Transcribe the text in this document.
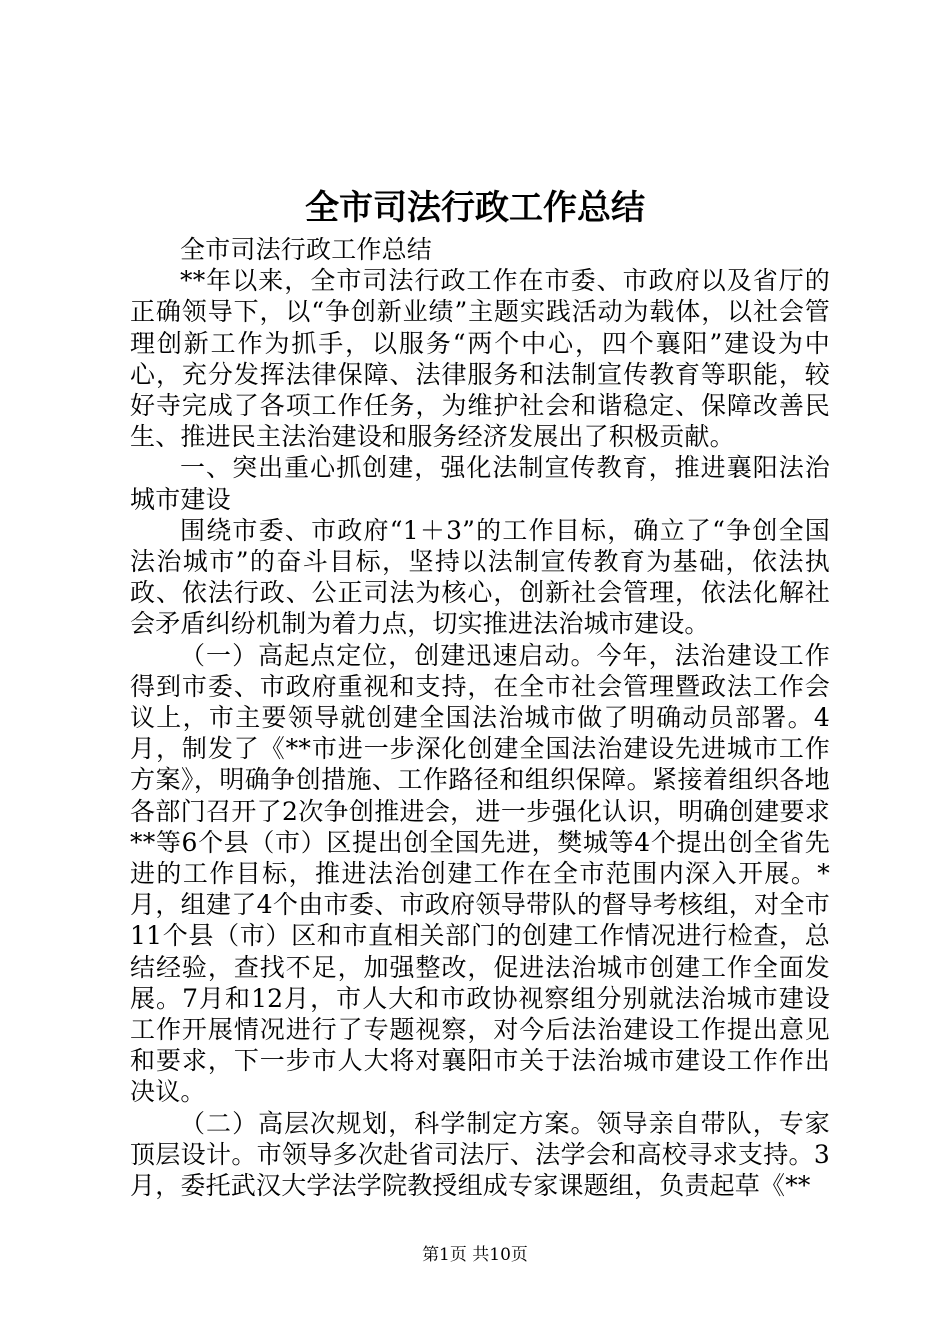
全市司法行政工作总结

全市司法行政工作总结

**年以来，全市司法行政工作在市委、市政府以及省厅的正确领导下，以“争创新业绩”主题实践活动为载体，以社会管理创新工作为抓手，以服务“两个中心，四个襄阳”建设为中心，充分发挥法律保障、法律服务和法制宣传教育等职能，较好寺完成了各项工作任务，为维护社会和谐稳定、保障改善民生、推进民主法治建设和服务经济发展出了积极贡献。

一、突出重心抓创建，强化法制宣传教育，推进襄阳法治城市建设

围绕市委、市政府“1＋3”的工作目标，确立了“争创全国法治城市”的奋斗目标，坚持以法制宣传教育为基础，依法执政、依法行政、公正司法为核心，创新社会管理，依法化解社会矛盾纠纷机制为着力点，切实推进法治城市建设。

（一）高起点定位，创建迅速启动。今年，法治建设工作得到市委、市政府重视和支持，在全市社会管理暨政法工作会议上，市主要领导就创建全国法治城市做了明确动员部署。4月，制发了《**市进一步深化创建全国法治建设先进城市工作方案》，明确争创措施、工作路径和组织保障。紧接着组织各地各部门召开了2次争创推进会，进一步强化认识，明确创建要求**等6个县（市）区提出创全国先进，樊城等4个提出创全省先进的工作目标，推进法治创建工作在全市范围内深入开展。*月，组建了4个由市委、市政府领导带队的督导考核组，对全市11个县（市）区和市直相关部门的创建工作情况进行检查，总结经验，查找不足，加强整改，促进法治城市创建工作全面发展。7月和12月，市人大和市政协视察组分别就法治城市建设工作开展情况进行了专题视察，对今后法治建设工作提出意见和要求，下一步市人大将对襄阳市关于法治城市建设工作作出决议。

（二）高层次规划，科学制定方案。领导亲自带队，专家顶层设计。市领导多次赴省司法厅、法学会和高校寻求支持。3月，委托武汉大学法学院教授组成专家课题组，负责起草《**

第1页 共10页
